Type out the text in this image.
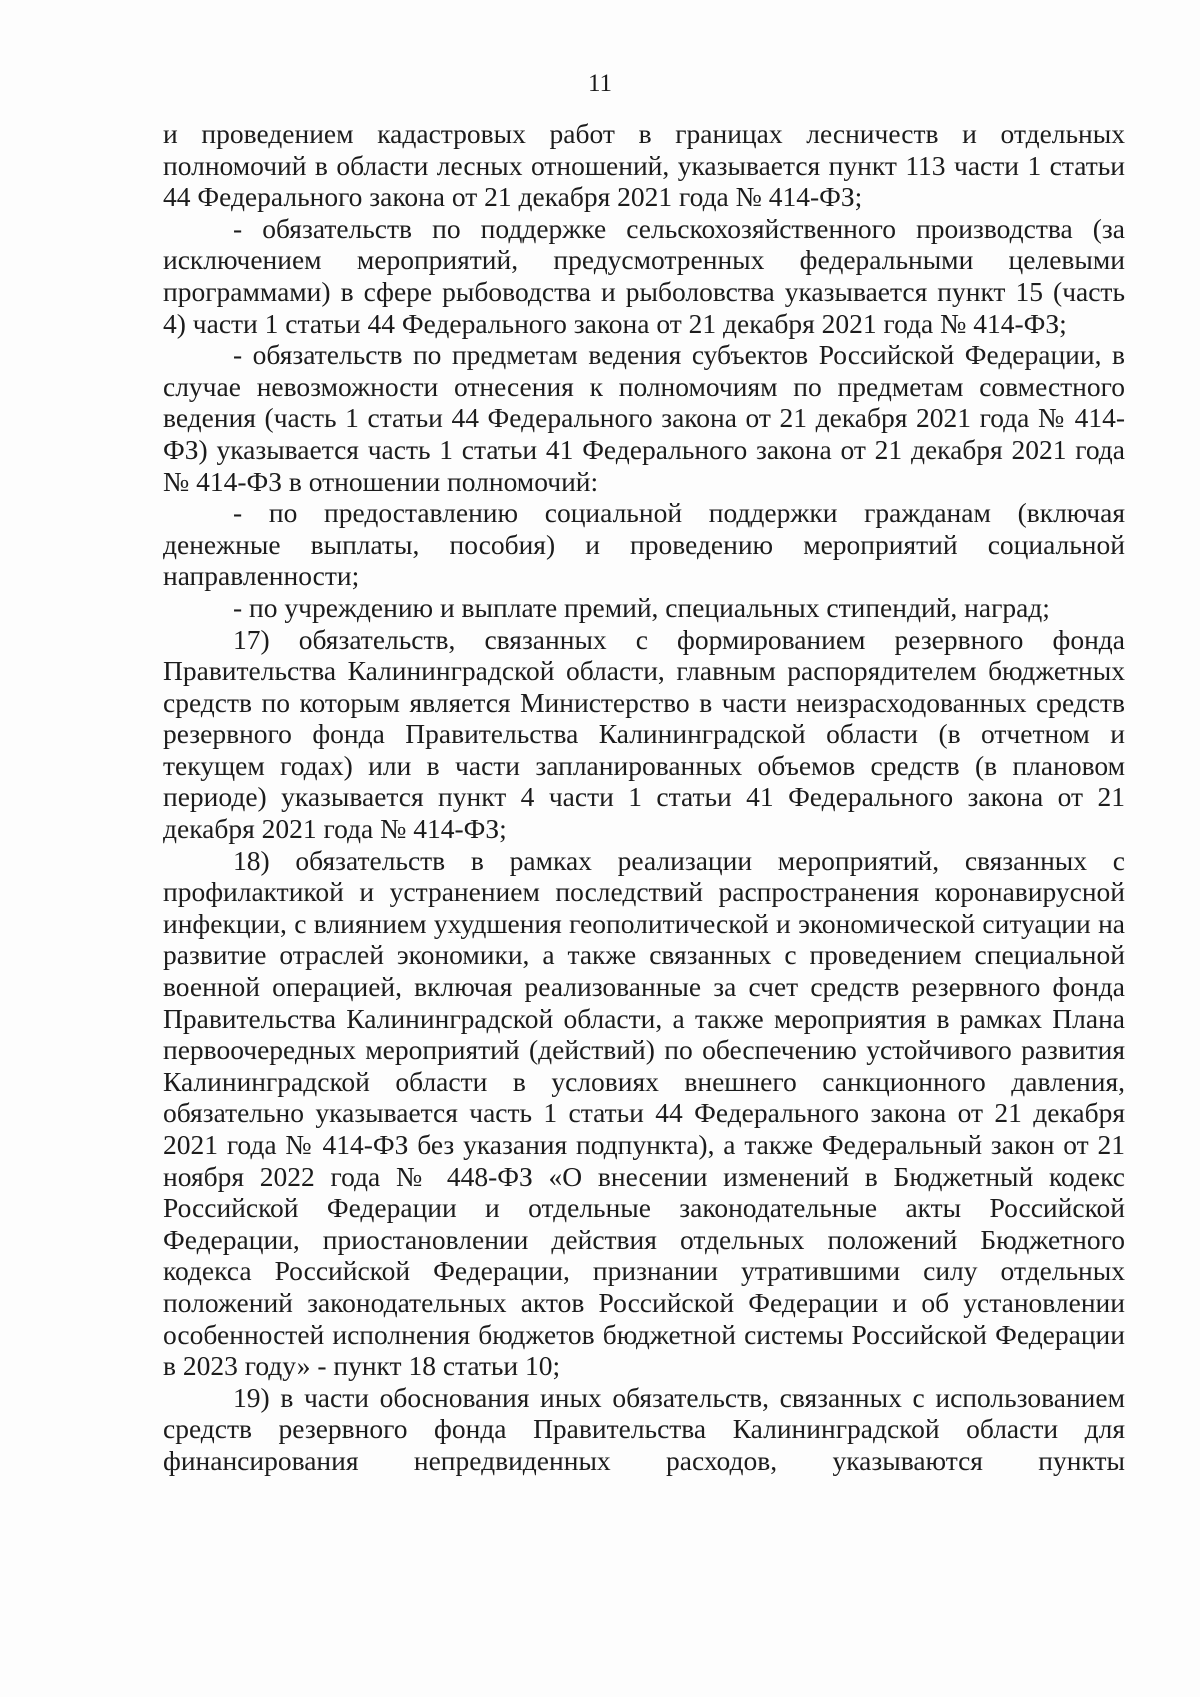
11

и проведением кадастровых работ в границах лесничеств и отдельных полномочий в области лесных отношений, указывается пункт 113 части 1 статьи 44 Федерального закона от 21 декабря 2021 года № 414-ФЗ;

- обязательств по поддержке сельскохозяйственного производства (за исключением мероприятий, предусмотренных федеральными целевыми программами) в сфере рыбоводства и рыболовства указывается пункт 15 (часть 4) части 1 статьи 44 Федерального закона от 21 декабря 2021 года № 414-ФЗ;

- обязательств по предметам ведения субъектов Российской Федерации, в случае невозможности отнесения к полномочиям по предметам совместного ведения (часть 1 статьи 44 Федерального закона от 21 декабря 2021 года № 414-ФЗ) указывается часть 1 статьи 41 Федерального закона от 21 декабря 2021 года № 414-ФЗ в отношении полномочий:

- по предоставлению социальной поддержки гражданам (включая денежные выплаты, пособия) и проведению мероприятий социальной направленности;

- по учреждению и выплате премий, специальных стипендий, наград;

17) обязательств, связанных с формированием резервного фонда Правительства Калининградской области, главным распорядителем бюджетных средств по которым является Министерство в части неизрасходованных средств резервного фонда Правительства Калининградской области (в отчетном и текущем годах) или в части запланированных объемов средств (в плановом периоде) указывается пункт 4 части 1 статьи 41 Федерального закона от 21 декабря 2021 года № 414-ФЗ;

18) обязательств в рамках реализации мероприятий, связанных с профилактикой и устранением последствий распространения коронавирусной инфекции, с влиянием ухудшения геополитической и экономической ситуации на развитие отраслей экономики, а также связанных с проведением специальной военной операцией, включая реализованные за счет средств резервного фонда Правительства Калининградской области, а также мероприятия в рамках Плана первоочередных мероприятий (действий) по обеспечению устойчивого развития Калининградской области в условиях внешнего санкционного давления, обязательно указывается часть 1 статьи 44 Федерального закона от 21 декабря 2021 года № 414-ФЗ без указания подпункта), а также Федеральный закон от 21 ноября 2022 года № 448-ФЗ «О внесении изменений в Бюджетный кодекс Российской Федерации и отдельные законодательные акты Российской Федерации, приостановлении действия отдельных положений Бюджетного кодекса Российской Федерации, признании утратившими силу отдельных положений законодательных актов Российской Федерации и об установлении особенностей исполнения бюджетов бюджетной системы Российской Федерации в 2023 году» - пункт 18 статьи 10;

19) в части обоснования иных обязательств, связанных с использованием средств резервного фонда Правительства Калининградской области для финансирования непредвиденных расходов, указываются пункты
